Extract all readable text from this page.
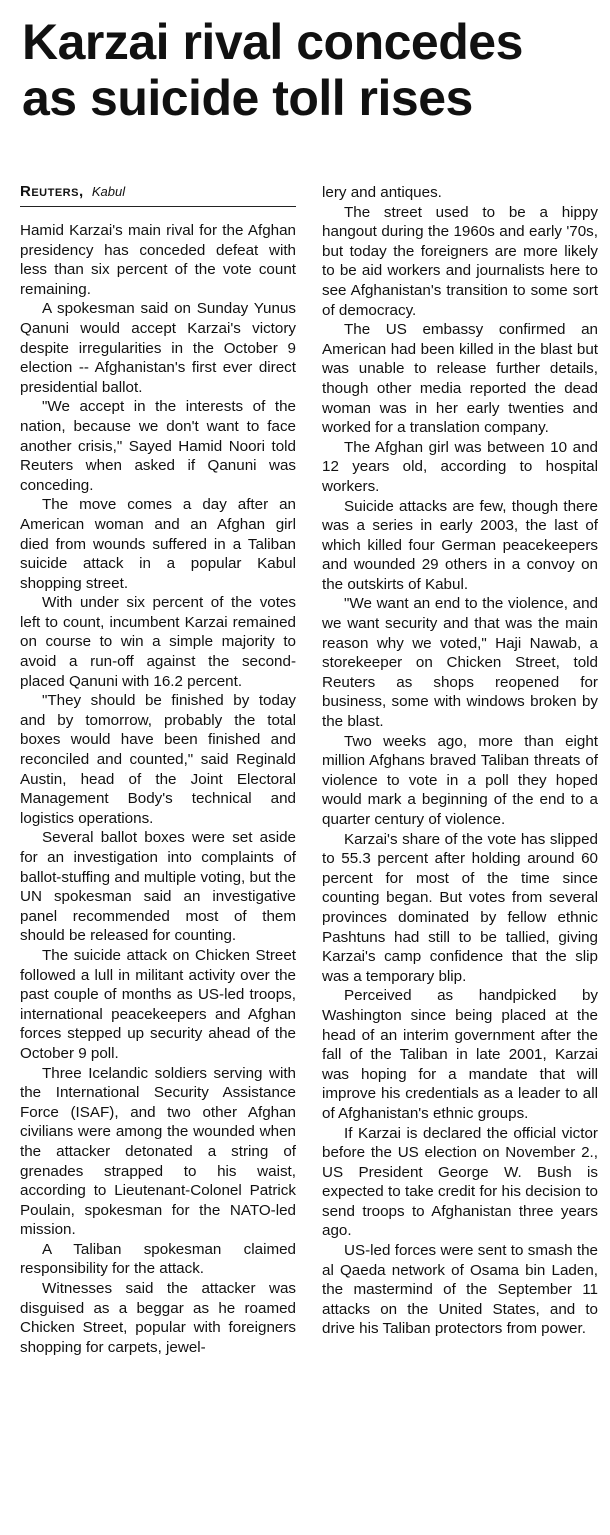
Karzai rival concedes
as suicide toll rises
Reuters, Kabul

Hamid Karzai's main rival for the Afghan presidency has conceded defeat with less than six percent of the vote count remaining.

A spokesman said on Sunday Yunus Qanuni would accept Karzai's victory despite irregularities in the October 9 election -- Afghanistan's first ever direct presidential ballot.

"We accept in the interests of the nation, because we don't want to face another crisis," Sayed Hamid Noori told Reuters when asked if Qanuni was conceding.

The move comes a day after an American woman and an Afghan girl died from wounds suffered in a Taliban suicide attack in a popular Kabul shopping street.

With under six percent of the votes left to count, incumbent Karzai remained on course to win a simple majority to avoid a run-off against the second-placed Qanuni with 16.2 percent.

"They should be finished by today and by tomorrow, probably the total boxes would have been finished and reconciled and counted," said Reginald Austin, head of the Joint Electoral Management Body's technical and logistics operations.

Several ballot boxes were set aside for an investigation into complaints of ballot-stuffing and multiple voting, but the UN spokesman said an investigative panel recommended most of them should be released for counting.

The suicide attack on Chicken Street followed a lull in militant activity over the past couple of months as US-led troops, international peacekeepers and Afghan forces stepped up security ahead of the October 9 poll.

Three Icelandic soldiers serving with the International Security Assistance Force (ISAF), and two other Afghan civilians were among the wounded when the attacker detonated a string of grenades strapped to his waist, according to Lieutenant-Colonel Patrick Poulain, spokesman for the NATO-led mission.

A Taliban spokesman claimed responsibility for the attack.

Witnesses said the attacker was disguised as a beggar as he roamed Chicken Street, popular with foreigners shopping for carpets, jewel-

lery and antiques.

The street used to be a hippy hangout during the 1960s and early '70s, but today the foreigners are more likely to be aid workers and journalists here to see Afghanistan's transition to some sort of democracy.

The US embassy confirmed an American had been killed in the blast but was unable to release further details, though other media reported the dead woman was in her early twenties and worked for a translation company.

The Afghan girl was between 10 and 12 years old, according to hospital workers.

Suicide attacks are few, though there was a series in early 2003, the last of which killed four German peacekeepers and wounded 29 others in a convoy on the outskirts of Kabul.

"We want an end to the violence, and we want security and that was the main reason why we voted," Haji Nawab, a storekeeper on Chicken Street, told Reuters as shops reopened for business, some with windows broken by the blast.

Two weeks ago, more than eight million Afghans braved Taliban threats of violence to vote in a poll they hoped would mark a beginning of the end to a quarter century of violence.

Karzai's share of the vote has slipped to 55.3 percent after holding around 60 percent for most of the time since counting began. But votes from several provinces dominated by fellow ethnic Pashtuns had still to be tallied, giving Karzai's camp confidence that the slip was a temporary blip.

Perceived as handpicked by Washington since being placed at the head of an interim government after the fall of the Taliban in late 2001, Karzai was hoping for a mandate that will improve his credentials as a leader to all of Afghanistan's ethnic groups.

If Karzai is declared the official victor before the US election on November 2., US President George W. Bush is expected to take credit for his decision to send troops to Afghanistan three years ago.

US-led forces were sent to smash the al Qaeda network of Osama bin Laden, the mastermind of the September 11 attacks on the United States, and to drive his Taliban protectors from power.
